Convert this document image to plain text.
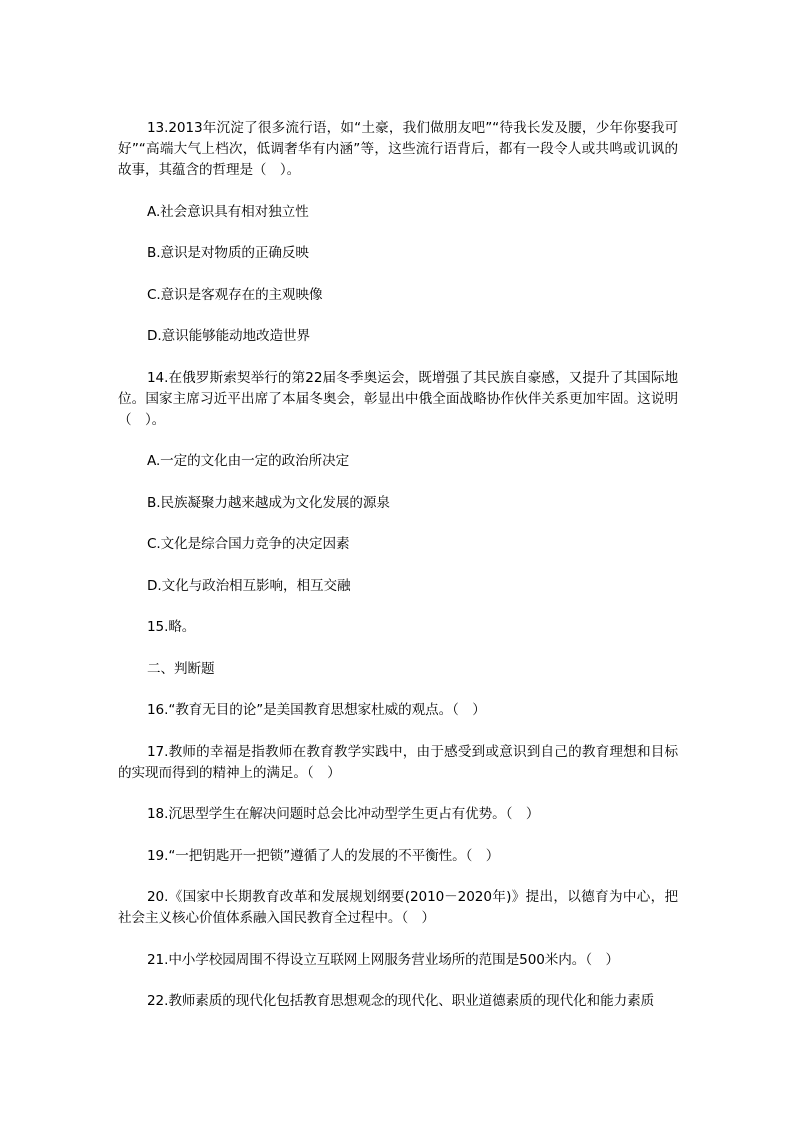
13.2013年沉淀了很多流行语，如“土豪，我们做朋友吧”“待我长发及腰，少年你娶我可好”“高端大气上档次，低调奢华有内涵”等，这些流行语背后，都有一段令人或共鸣或讥讽的故事，其蕴含的哲理是（　）。

A.社会意识具有相对独立性

B.意识是对物质的正确反映

C.意识是客观存在的主观映像

D.意识能够能动地改造世界

14.在俄罗斯索契举行的第22届冬季奥运会，既增强了其民族自豪感，又提升了其国际地位。国家主席习近平出席了本届冬奥会，彰显出中俄全面战略协作伙伴关系更加牢固。这说明（　）。

A.一定的文化由一定的政治所决定

B.民族凝聚力越来越成为文化发展的源泉

C.文化是综合国力竞争的决定因素

D.文化与政治相互影响，相互交融

15.略。

二、判断题

16.“教育无目的论”是美国教育思想家杜威的观点。（　）

17.教师的幸福是指教师在教育教学实践中，由于感受到或意识到自己的教育理想和目标的实现而得到的精神上的满足。（　）

18.沉思型学生在解决问题时总会比冲动型学生更占有优势。（　）

19.“一把钥匙开一把锁”遵循了人的发展的不平衡性。（　）

20.《国家中长期教育改革和发展规划纲要(2010－2020年)》提出，以德育为中心，把社会主义核心价值体系融入国民教育全过程中。（　）

21.中小学校园周围不得设立互联网上网服务营业场所的范围是500米内。（　）

22.教师素质的现代化包括教育思想观念的现代化、职业道德素质的现代化和能力素质
